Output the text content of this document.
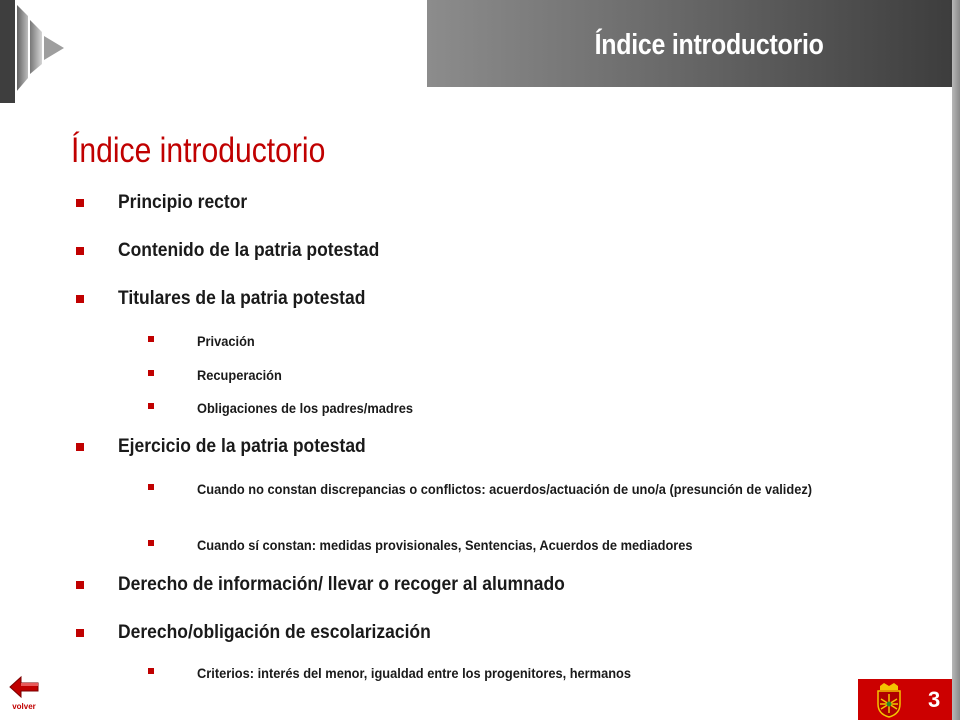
Índice introductorio
Índice introductorio
Principio rector
Contenido de la patria potestad
Titulares de la patria potestad
Privación
Recuperación
Obligaciones de los padres/madres
Ejercicio de la patria potestad
Cuando no constan discrepancias o conflictos: acuerdos/actuación de uno/a (presunción de validez)
Cuando sí constan: medidas provisionales, Sentencias, Acuerdos de mediadores
Derecho de información/ llevar o recoger al alumnado
Derecho/obligación de escolarización
Criterios: interés del menor, igualdad entre los progenitores, hermanos
volver	3
